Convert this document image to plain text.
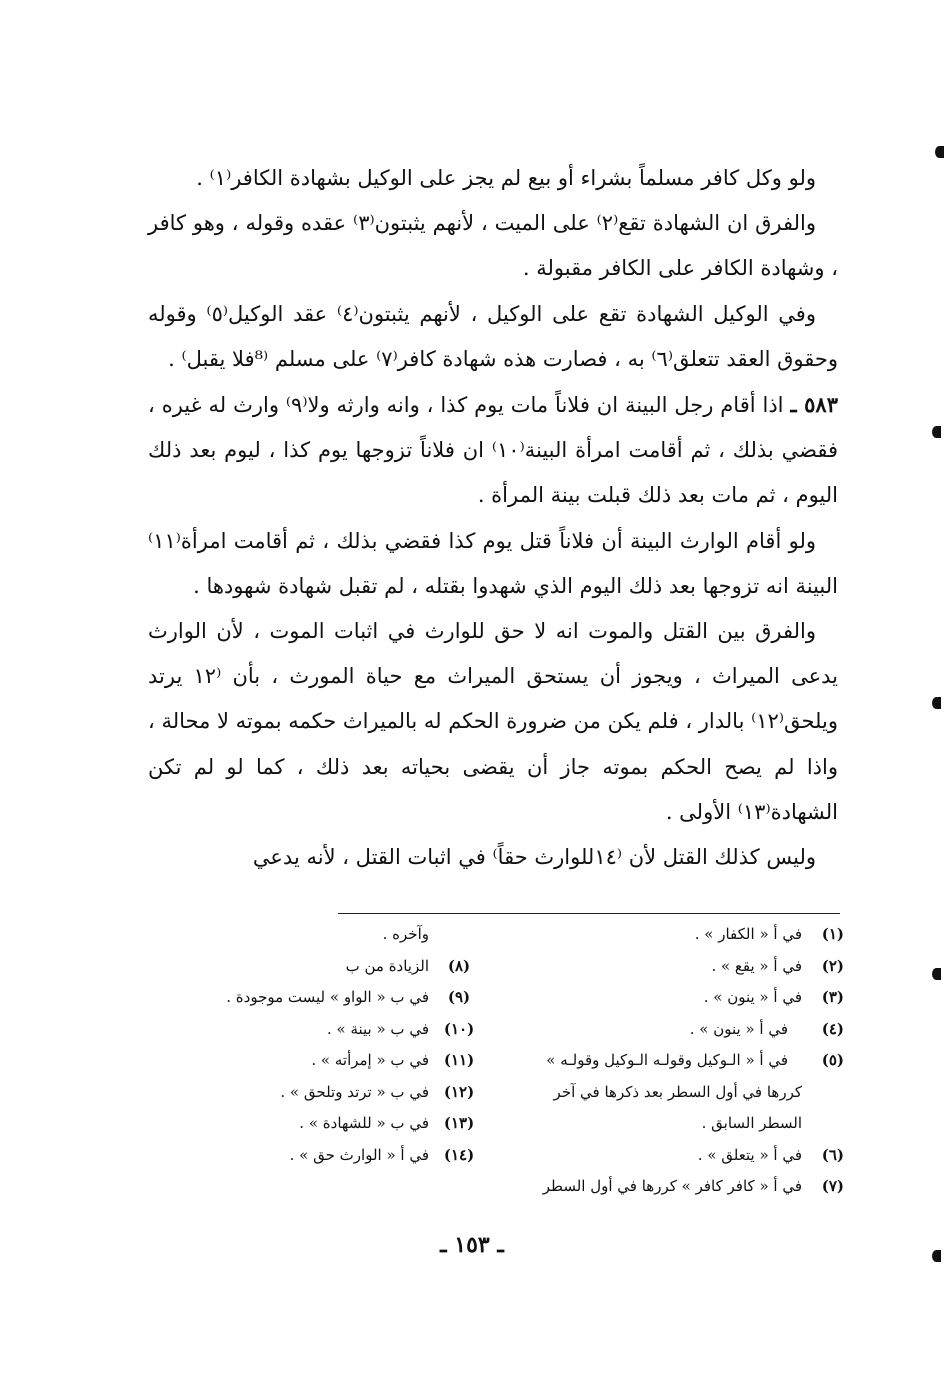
ولو وكل كافر مسلماً بشراء أو بيع لم يجز على الوكيل بشهادة الكافر⁽١⁾ .

والفرق ان الشهادة تقع⁽٢⁾ على الميت ، لأنهم يثبتون⁽٣⁾ عقده وقوله ، وهو كافر ، وشهادة الكافر على الكافر مقبولة .

وفي الوكيل الشهادة تقع على الوكيل ، لأنهم يثبتون⁽٤⁾ عقد الوكيل⁽٥⁾ وقوله وحقوق العقد تتعلق⁽٦⁾ به ، فصارت هذه شهادة كافر⁽٧⁾ على مسلم ⁽⁸فلا يقبل⁾ .

٥٨٣ ـ اذا أقام رجل البينة ان فلاناً مات يوم كذا ، وانه وارثه ولا⁽٩⁾ وارث له غيره ، فقضي بذلك ، ثم أقامت امرأة البينة⁽١٠⁾ ان فلاناً تزوجها يوم كذا ، ليوم بعد ذلك اليوم ، ثم مات بعد ذلك قبلت بينة المرأة .

ولو أقام الوارث البينة أن فلاناً قتل يوم كذا فقضي بذلك ، ثم أقامت امرأة⁽١١⁾ البينة انه تزوجها بعد ذلك اليوم الذي شهدوا بقتله ، لم تقبل شهادة شهودها .

والفرق بين القتل والموت انه لا حق للوارث في اثبات الموت ، لأن الوارث يدعى الميراث ، ويجوز أن يستحق الميراث مع حياة المورث ، بأن ⁽١٢ يرتد ويلحق⁽١٢⁾ بالدار ، فلم يكن من ضرورة الحكم له بالميراث حكمه بموته لا محالة ، واذا لم يصح الحكم بموته جاز أن يقضى بحياته بعد ذلك ، كما لو لم تكن الشهادة⁽١٣⁾ الأولى .

وليس كذلك القتل لأن ⁽١٤للوارث حقاً⁾ في اثبات القتل ، لأنه يدعي

(١)
في أ « الكفار » .
(٢)
في أ « يقع » .
(٣)
في أ « ينون » .
(٤)
في أ « ينون » .
(٥)
في أ « الـوكيل وقولـه الـوكيل وقولـه »
كررها في أول السطر بعد ذكرها في آخر
السطر السابق .
(٦)
في أ « يتعلق » .
(٧)
في أ « كافر كافر » كررها في أول السطر
وآخره .
(٨)
الزيادة من ب
(٩)
في ب « الواو » ليست موجودة .
(١٠)
في ب « بينة » .
(١١)
في ب « إمرأته » .
(١٢)
في ب « ترتد وتلحق » .
(١٣)
في ب « للشهادة » .
(١٤)
في أ « الوارث حق » .
ـ ١٥٣ ـ
